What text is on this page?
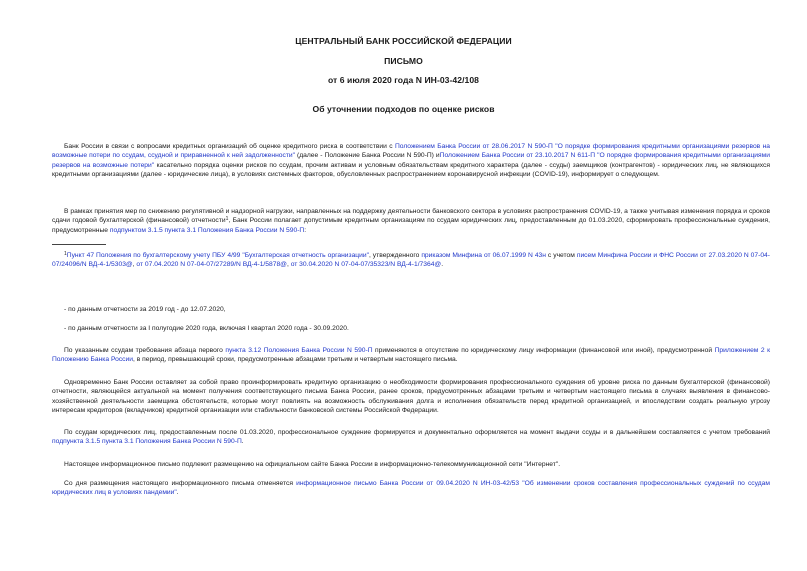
ЦЕНТРАЛЬНЫЙ БАНК РОССИЙСКОЙ ФЕДЕРАЦИИ
ПИСЬМО
от 6 июля 2020 года N ИН-03-42/108
Об уточнении подходов по оценке рисков

Банк России в связи с вопросами кредитных организаций об оценке кредитного риска в соответствии с Положением Банка России от 28.06.2017 N 590-П "О порядке формирования кредитными организациями резервов на возможные потери по ссудам, ссудной и приравненной к ней задолженности" (далее - Положение Банка России N 590-П) иПоложением Банка России от 23.10.2017 N 611-П "О порядке формирования кредитными организациями резервов на возможные потери" касательно порядка оценки рисков по ссудам, прочим активам и условным обязательствам кредитного характера (далее - ссуды) заемщиков (контрагентов) - юридических лиц, не являющихся кредитными организациями (далее - юридические лица), в условиях системных факторов, обусловленных распространением коронавирусной инфекции (COVID-19), информирует о следующем.

В рамках принятия мер по снижению регулятивной и надзорной нагрузки, направленных на поддержку деятельности банковского сектора в условиях распространения COVID-19, а также учитывая изменения порядка и сроков сдачи годовой бухгалтерской (финансовой) отчетности$^1$, Банк России полагает допустимым кредитным организациям по ссудам юридических лиц, предоставленным до 01.03.2020, сформировать профессиональные суждения, предусмотренные подпунктом 3.1.5 пункта 3.1 Положения Банка России N 590-П:

$^1$Пункт 47 Положения по бухгалтерскому учету ПБУ 4/99 "Бухгалтерская отчетность организации", утвержденного приказом Минфина от 06.07.1999 N 43н с учетом писем Минфина России и ФНС России от 27.03.2020 N 07-04-07/24096/N ВД-4-1/5303@, от 07.04.2020 N 07-04-07/27289/N ВД-4-1/5878@, от 30.04.2020 N 07-04-07/35323/N ВД-4-1/7364@.

- по данным отчетности за 2019 год - до 12.07.2020,

- по данным отчетности за I полугодие 2020 года, включая I квартал 2020 года - 30.09.2020.

По указанным ссудам требования абзаца первого пункта 3.12 Положения Банка России N 590-П применяются в отсутствие по юридическому лицу информации (финансовой или иной), предусмотренной Приложением 2 к Положению Банка России, в период, превышающий сроки, предусмотренные абзацами третьим и четвертым настоящего письма.

Одновременно Банк России оставляет за собой право проинформировать кредитную организацию о необходимости формирования профессионального суждения об уровне риска по данным бухгалтерской (финансовой) отчетности, являющейся актуальной на момент получения соответствующего письма Банка России, ранее сроков, предусмотренных абзацами третьим и четвертым настоящего письма в случаях выявления в финансово-хозяйственной деятельности заемщика обстоятельств, которые могут повлиять на возможность обслуживания долга и исполнения обязательств перед кредитной организацией, и впоследствии создать реальную угрозу интересам кредиторов (вкладчиков) кредитной организации или стабильности банковской системы Российской Федерации.

По ссудам юридических лиц, предоставленным после 01.03.2020, профессиональное суждение формируется и документально оформляется на момент выдачи ссуды и в дальнейшем составляется с учетом требований подпункта 3.1.5 пункта 3.1 Положения Банка России N 590-П.

Настоящее информационное письмо подлежит размещению на официальном сайте Банка России в информационно-телекоммуникационной сети "Интернет".

Со дня размещения настоящего информационного письма отменяется информационное письмо Банка России от 09.04.2020 N ИН-03-42/53 "Об изменении сроков составления профессиональных суждений по ссудам юридических лиц в условиях пандемии".
